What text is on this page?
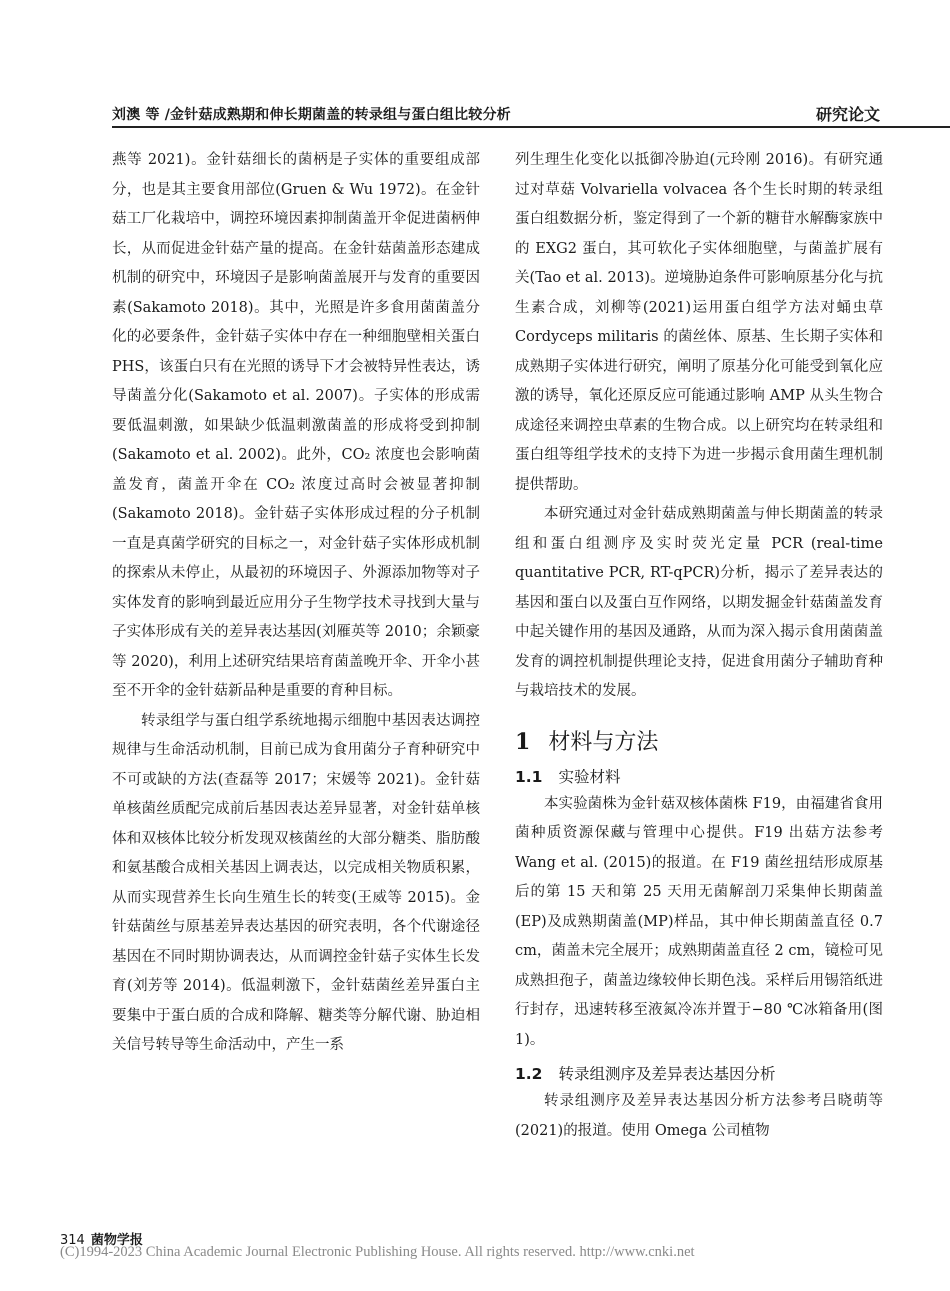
刘澳 等 /金针菇成熟期和伸长期菌盖的转录组与蛋白组比较分析	研究论文

燕等 2021)。金针菇细长的菌柄是子实体的重要组成部分，也是其主要食用部位(Gruen & Wu 1972)。在金针菇工厂化栽培中，调控环境因素抑制菌盖开伞促进菌柄伸长，从而促进金针菇产量的提高。在金针菇菌盖形态建成机制的研究中，环境因子是影响菌盖展开与发育的重要因素(Sakamoto 2018)。其中，光照是许多食用菌菌盖分化的必要条件，金针菇子实体中存在一种细胞壁相关蛋白 PHS，该蛋白只有在光照的诱导下才会被特异性表达，诱导菌盖分化(Sakamoto et al. 2007)。子实体的形成需要低温刺激，如果缺少低温刺激菌盖的形成将受到抑制(Sakamoto et al. 2002)。此外，CO₂ 浓度也会影响菌盖发育，菌盖开伞在 CO₂ 浓度过高时会被显著抑制(Sakamoto 2018)。金针菇子实体形成过程的分子机制一直是真菌学研究的目标之一，对金针菇子实体形成机制的探索从未停止，从最初的环境因子、外源添加物等对子实体发育的影响到最近应用分子生物学技术寻找到大量与子实体形成有关的差异表达基因(刘雁英等 2010；余颖豪等 2020)，利用上述研究结果培育菌盖晚开伞、开伞小甚至不开伞的金针菇新品种是重要的育种目标。

转录组学与蛋白组学系统地揭示细胞中基因表达调控规律与生命活动机制，目前已成为食用菌分子育种研究中不可或缺的方法(查磊等 2017；宋媛等 2021)。金针菇单核菌丝质配完成前后基因表达差异显著，对金针菇单核体和双核体比较分析发现双核菌丝的大部分糖类、脂肪酸和氨基酸合成相关基因上调表达，以完成相关物质积累，从而实现营养生长向生殖生长的转变(王威等 2015)。金针菇菌丝与原基差异表达基因的研究表明，各个代谢途径基因在不同时期协调表达，从而调控金针菇子实体生长发育(刘芳等 2014)。低温刺激下，金针菇菌丝差异蛋白主要集中于蛋白质的合成和降解、糖类等分解代谢、胁迫相关信号转导等生命活动中，产生一系

列生理生化变化以抵御冷胁迫(元玲刚 2016)。有研究通过对草菇 Volvariella volvacea 各个生长时期的转录组蛋白组数据分析，鉴定得到了一个新的糖苷水解酶家族中的 EXG2 蛋白，其可软化子实体细胞壁，与菌盖扩展有关(Tao et al. 2013)。逆境胁迫条件可影响原基分化与抗生素合成，刘柳等(2021)运用蛋白组学方法对蛹虫草 Cordyceps militaris 的菌丝体、原基、生长期子实体和成熟期子实体进行研究，阐明了原基分化可能受到氧化应激的诱导，氧化还原反应可能通过影响 AMP 从头生物合成途径来调控虫草素的生物合成。以上研究均在转录组和蛋白组等组学技术的支持下为进一步揭示食用菌生理机制提供帮助。

本研究通过对金针菇成熟期菌盖与伸长期菌盖的转录组和蛋白组测序及实时荧光定量 PCR (real-time quantitative PCR, RT-qPCR)分析，揭示了差异表达的基因和蛋白以及蛋白互作网络，以期发掘金针菇菌盖发育中起关键作用的基因及通路，从而为深入揭示食用菌菌盖发育的调控机制提供理论支持，促进食用菌分子辅助育种与栽培技术的发展。

1 材料与方法
1.1 实验材料

本实验菌株为金针菇双核体菌株 F19，由福建省食用菌种质资源保藏与管理中心提供。F19 出菇方法参考 Wang et al. (2015)的报道。在 F19 菌丝扭结形成原基后的第 15 天和第 25 天用无菌解剖刀采集伸长期菌盖(EP)及成熟期菌盖(MP)样品，其中伸长期菌盖直径 0.7 cm，菌盖未完全展开；成熟期菌盖直径 2 cm，镜检可见成熟担孢子，菌盖边缘较伸长期色浅。采样后用锡箔纸进行封存，迅速转移至液氮冷冻并置于−80 ℃冰箱备用(图 1)。

1.2 转录组测序及差异表达基因分析

转录组测序及差异表达基因分析方法参考吕晓萌等(2021)的报道。使用 Omega 公司植物

314 菌物学报
(C)1994-2023 China Academic Journal Electronic Publishing House. All rights reserved. http://www.cnki.net
